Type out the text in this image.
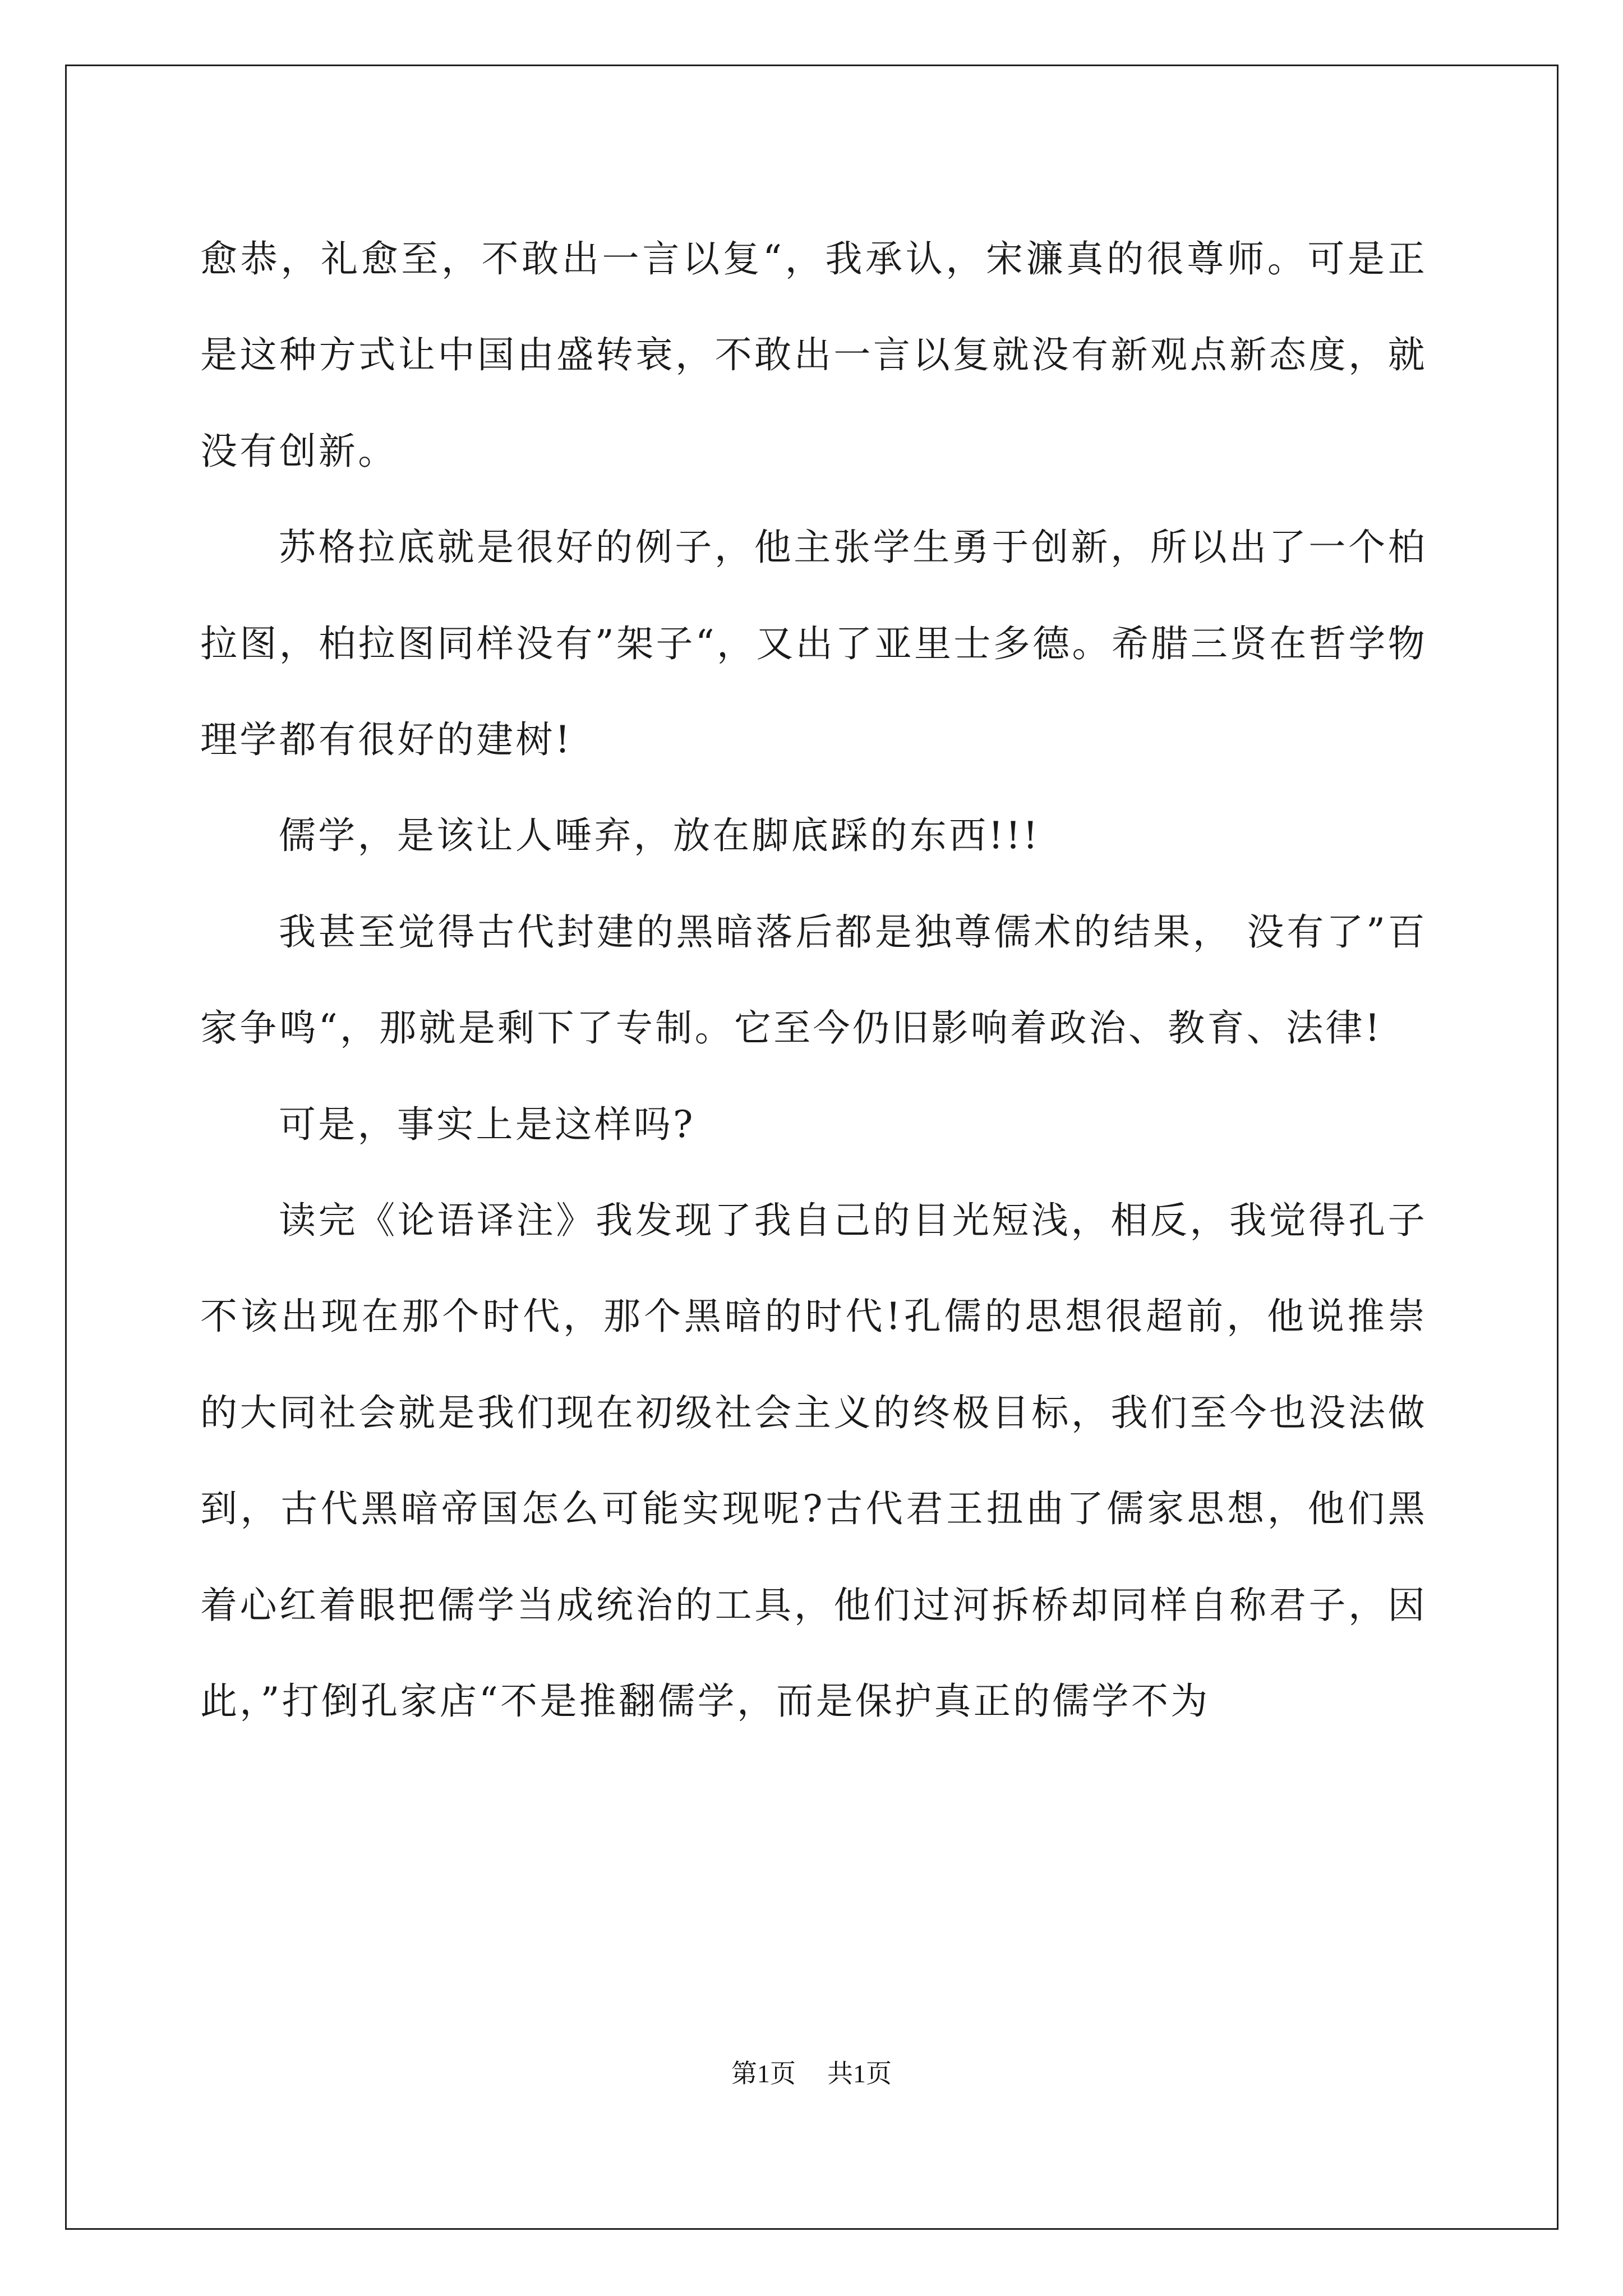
愈恭，礼愈至，不敢出一言以复“，我承认，宋濂真的很尊师。可是正是这种方式让中国由盛转衰，不敢出一言以复就没有新观点新态度，就没有创新。

苏格拉底就是很好的例子，他主张学生勇于创新，所以出了一个柏拉图，柏拉图同样没有”架子“，又出了亚里士多德。希腊三贤在哲学物理学都有很好的建树!

儒学，是该让人唾弃，放在脚底踩的东西!!!

我甚至觉得古代封建的黑暗落后都是独尊儒术的结果， 没有了”百家争鸣“，那就是剩下了专制。它至今仍旧影响着政治、教育、法律!

可是，事实上是这样吗?

读完《论语译注》我发现了我自己的目光短浅，相反，我觉得孔子不该出现在那个时代，那个黑暗的时代!孔儒的思想很超前，他说推崇的大同社会就是我们现在初级社会主义的终极目标，我们至今也没法做到，古代黑暗帝国怎么可能实现呢?古代君王扭曲了儒家思想，他们黑着心红着眼把儒学当成统治的工具，他们过河拆桥却同样自称君子，因此，”打倒孔家店“不是推翻儒学，而是保护真正的儒学不为

第1页 共1页
